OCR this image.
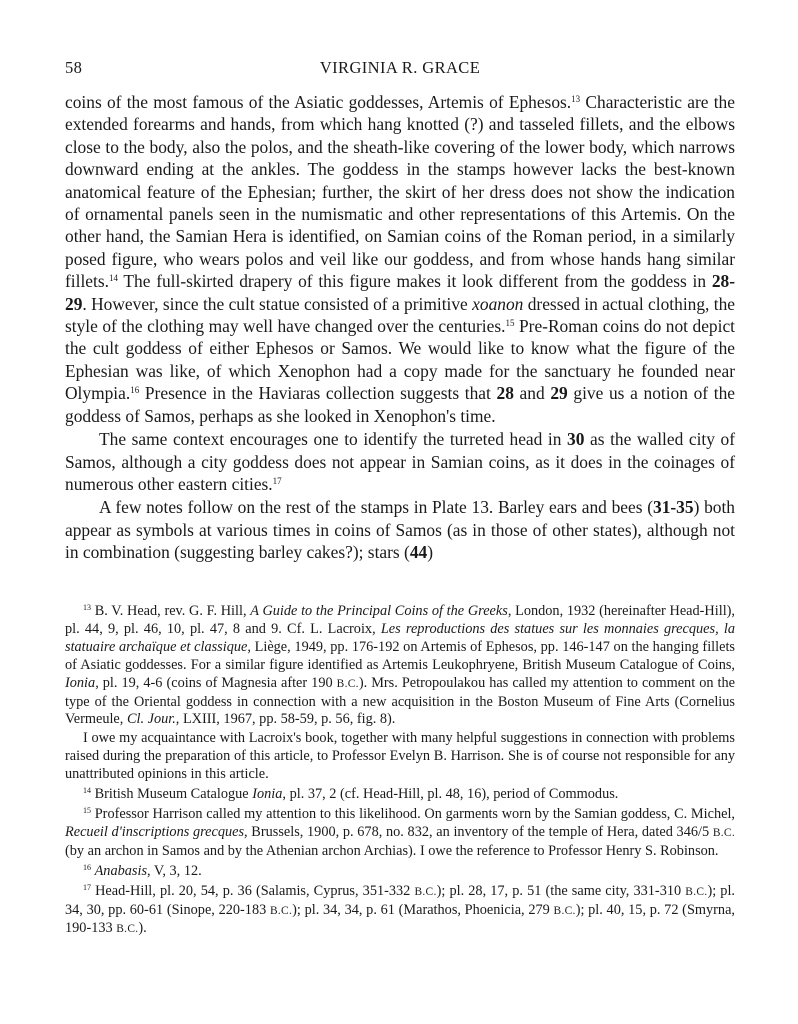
58	VIRGINIA R. GRACE

coins of the most famous of the Asiatic goddesses, Artemis of Ephesos.$^{13}$ Characteristic are the extended forearms and hands, from which hang knotted (?) and tasseled fillets, and the elbows close to the body, also the polos, and the sheath-like covering of the lower body, which narrows downward ending at the ankles. The goddess in the stamps however lacks the best-known anatomical feature of the Ephesian; further, the skirt of her dress does not show the indication of ornamental panels seen in the numismatic and other representations of this Artemis. On the other hand, the Samian Hera is identified, on Samian coins of the Roman period, in a similarly posed figure, who wears polos and veil like our goddess, and from whose hands hang similar fillets.$^{14}$ The full-skirted drapery of this figure makes it look different from the goddess in 28-29. However, since the cult statue consisted of a primitive xoanon dressed in actual clothing, the style of the clothing may well have changed over the centuries.$^{15}$ Pre-Roman coins do not depict the cult goddess of either Ephesos or Samos. We would like to know what the figure of the Ephesian was like, of which Xenophon had a copy made for the sanctuary he founded near Olympia.$^{16}$ Presence in the Haviaras collection suggests that 28 and 29 give us a notion of the goddess of Samos, perhaps as she looked in Xenophon's time.

The same context encourages one to identify the turreted head in 30 as the walled city of Samos, although a city goddess does not appear in Samian coins, as it does in the coinages of numerous other eastern cities.$^{17}$

A few notes follow on the rest of the stamps in Plate 13. Barley ears and bees (31-35) both appear as symbols at various times in coins of Samos (as in those of other states), although not in combination (suggesting barley cakes?); stars (44)

$^{13}$ B. V. Head, rev. G. F. Hill, A Guide to the Principal Coins of the Greeks, London, 1932 (hereinafter Head-Hill), pl. 44, 9, pl. 46, 10, pl. 47, 8 and 9. Cf. L. Lacroix, Les reproductions des statues sur les monnaies grecques, la statuaire archaïque et classique, Liège, 1949, pp. 176-192 on Artemis of Ephesos, pp. 146-147 on the hanging fillets of Asiatic goddesses. For a similar figure identified as Artemis Leukophryene, British Museum Catalogue of Coins, Ionia, pl. 19, 4-6 (coins of Magnesia after 190 B.C.). Mrs. Petropoulakou has called my attention to comment on the type of the Oriental goddess in connection with a new acquisition in the Boston Museum of Fine Arts (Cornelius Vermeule, Cl. Jour., LXIII, 1967, pp. 58-59, p. 56, fig. 8).

I owe my acquaintance with Lacroix's book, together with many helpful suggestions in connection with problems raised during the preparation of this article, to Professor Evelyn B. Harrison. She is of course not responsible for any unattributed opinions in this article.

$^{14}$ British Museum Catalogue Ionia, pl. 37, 2 (cf. Head-Hill, pl. 48, 16), period of Commodus.

$^{15}$ Professor Harrison called my attention to this likelihood. On garments worn by the Samian goddess, C. Michel, Recueil d'inscriptions grecques, Brussels, 1900, p. 678, no. 832, an inventory of the temple of Hera, dated 346/5 B.C. (by an archon in Samos and by the Athenian archon Archias). I owe the reference to Professor Henry S. Robinson.

$^{16}$ Anabasis, V, 3, 12.

$^{17}$ Head-Hill, pl. 20, 54, p. 36 (Salamis, Cyprus, 351-332 B.C.); pl. 28, 17, p. 51 (the same city, 331-310 B.C.); pl. 34, 30, pp. 60-61 (Sinope, 220-183 B.C.); pl. 34, 34, p. 61 (Marathos, Phoenicia, 279 B.C.); pl. 40, 15, p. 72 (Smyrna, 190-133 B.C.).
